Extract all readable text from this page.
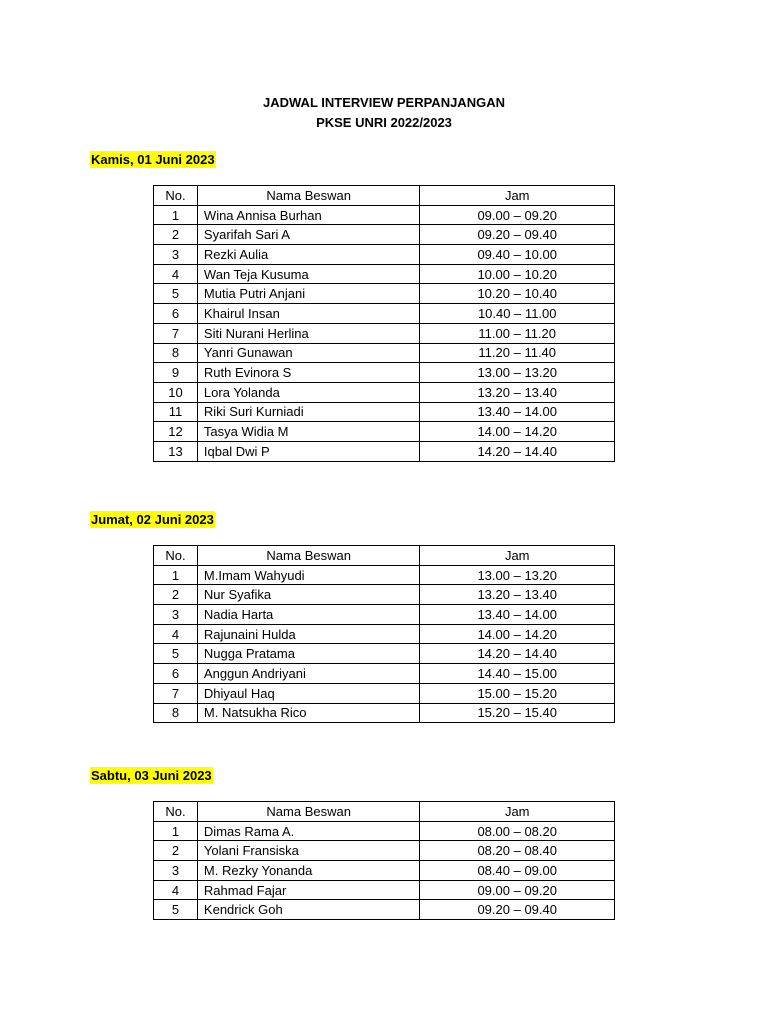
JADWAL INTERVIEW PERPANJANGAN
PKSE UNRI 2022/2023
Kamis, 01 Juni 2023
No.	Nama Beswan	Jam
1	Wina Annisa Burhan	09.00 – 09.20
2	Syarifah Sari A	09.20 – 09.40
3	Rezki Aulia	09.40 – 10.00
4	Wan Teja Kusuma	10.00 – 10.20
5	Mutia Putri Anjani	10.20 – 10.40
6	Khairul Insan	10.40 – 11.00
7	Siti Nurani Herlina	11.00 – 11.20
8	Yanri Gunawan	11.20 – 11.40
9	Ruth Evinora S	13.00 – 13.20
10	Lora Yolanda	13.20 – 13.40
11	Riki Suri Kurniadi	13.40 – 14.00
12	Tasya Widia M	14.00 – 14.20
13	Iqbal Dwi P	14.20 – 14.40
Jumat, 02 Juni 2023
No.	Nama Beswan	Jam
1	M.Imam Wahyudi	13.00 – 13.20
2	Nur Syafika	13.20 – 13.40
3	Nadia Harta	13.40 – 14.00
4	Rajunaini Hulda	14.00 – 14.20
5	Nugga Pratama	14.20 – 14.40
6	Anggun Andriyani	14.40 – 15.00
7	Dhiyaul Haq	15.00 – 15.20
8	M. Natsukha Rico	15.20 – 15.40
Sabtu, 03 Juni 2023
No.	Nama Beswan	Jam
1	Dimas Rama A.	08.00 – 08.20
2	Yolani Fransiska	08.20 – 08.40
3	M. Rezky Yonanda	08.40 – 09.00
4	Rahmad Fajar	09.00 – 09.20
5	Kendrick Goh	09.20 – 09.40
